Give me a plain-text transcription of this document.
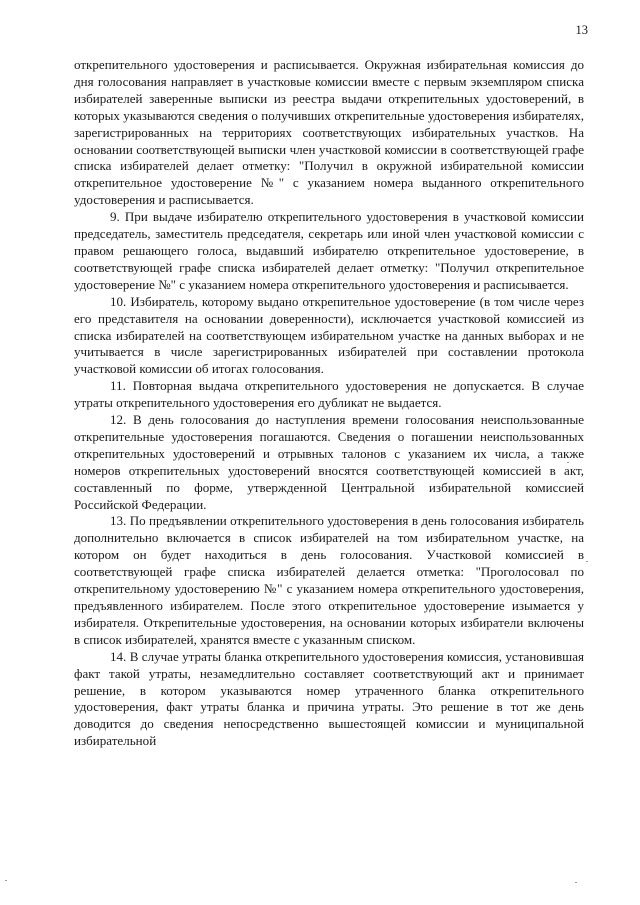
13

открепительного удостоверения и расписывается. Окружная избирательная комиссия до дня голосования направляет в участковые комиссии вместе с первым экземпляром списка избирателей заверенные выписки из реестра выдачи открепительных удостоверений, в которых указываются сведения о получивших открепительные удостоверения избирателях, зарегистрированных на территориях соответствующих избирательных участков. На основании соответствующей выписки член участковой комиссии в соответствующей графе списка избирателей делает отметку: "Получил в окружной избирательной комиссии открепительное удостоверение №" с указанием номера выданного открепительного удостоверения и расписывается.

9. При выдаче избирателю открепительного удостоверения в участковой комиссии председатель, заместитель председателя, секретарь или иной член участковой комиссии с правом решающего голоса, выдавший избирателю открепительное удостоверение, в соответствующей графе списка избирателей делает отметку: "Получил открепительное удостоверение №" с указанием номера открепительного удостоверения и расписывается.

10. Избиратель, которому выдано открепительное удостоверение (в том числе через его представителя на основании доверенности), исключается участковой комиссией из списка избирателей на соответствующем избирательном участке на данных выборах и не учитывается в числе зарегистрированных избирателей при составлении протокола участковой комиссии об итогах голосования.

11. Повторная выдача открепительного удостоверения не допускается. В случае утраты открепительного удостоверения его дубликат не выдается.

12. В день голосования до наступления времени голосования неиспользованные открепительные удостоверения погашаются. Сведения о погашении неиспользованных открепительных удостоверений и отрывных талонов с указанием их числа, а также номеров открепительных удостоверений вносятся соответствующей комиссией в акт, составленный по форме, утвержденной Центральной избирательной комиссией Российской Федерации.

13. По предъявлении открепительного удостоверения в день голосования избиратель дополнительно включается в список избирателей на том избирательном участке, на котором он будет находиться в день голосования. Участковой комиссией в соответствующей графе списка избирателей делается отметка: "Проголосовал по открепительному удостоверению №" с указанием номера открепительного удостоверения, предъявленного избирателем. После этого открепительное удостоверение изымается у избирателя. Открепительные удостоверения, на основании которых избиратели включены в список избирателей, хранятся вместе с указанным списком.

14. В случае утраты бланка открепительного удостоверения комиссия, установившая факт такой утраты, незамедлительно составляет соответствующий акт и принимает решение, в котором указываются номер утраченного бланка открепительного удостоверения, факт утраты бланка и причина утраты. Это решение в тот же день доводится до сведения непосредственно вышестоящей комиссии и муниципальной избирательной
